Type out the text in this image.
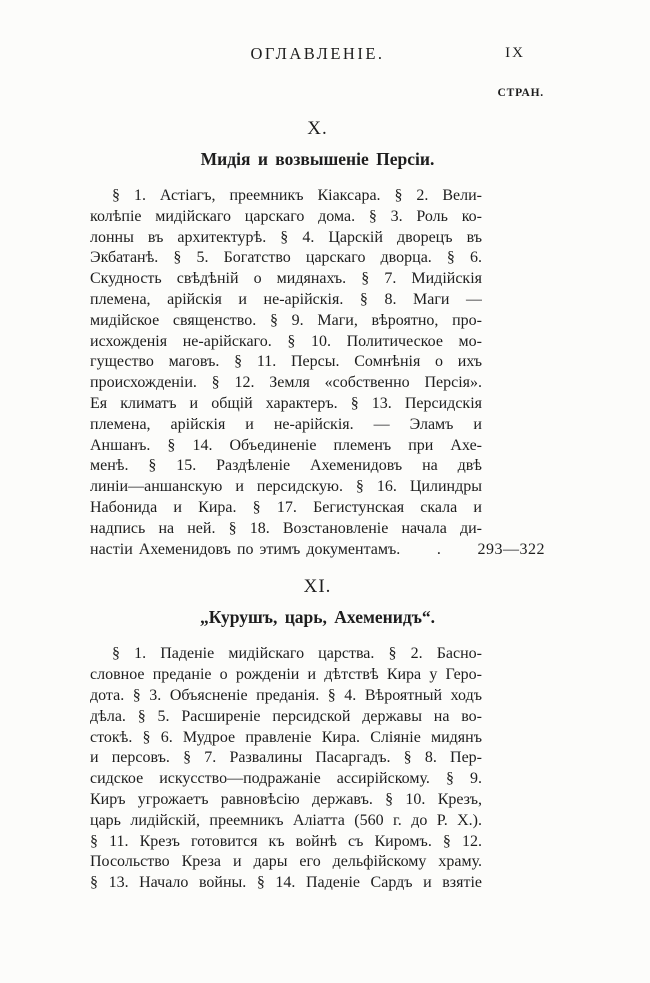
ОГЛАВЛЕНІЕ.	IX
СТРАН.
X.
Мидія и возвышеніе Персіи.
§ 1. Астіагъ, преемникъ Кіаксара. § 2. Вели-
колѣпіе мидійскаго царскаго дома. § 3. Роль ко-
лонны въ архитектурѣ. § 4. Царскій дворецъ въ
Экбатанѣ. § 5. Богатство царскаго дворца. § 6.
Скудность свѣдѣній о мидянахъ. § 7. Мидійскія
племена, арійскія и не-арійскія. § 8. Маги —
мидійское священство. § 9. Маги, вѣроятно, про-
исхожденія не-арійскаго. § 10. Политическое мо-
гущество маговъ. § 11. Персы. Сомнѣнія о ихъ
происхожденіи. § 12. Земля «собственно Персія».
Ея климатъ и общій характеръ. § 13. Персидскія
племена, арійскія и не-арійскія. — Эламъ и
Аншанъ. § 14. Объединеніе племенъ при Ахе-
менѣ. § 15. Раздѣленіе Ахеменидовъ на двѣ
линіи—аншанскую и персидскую. § 16. Цилиндры
Набонида и Кира. § 17. Бегистунская скала и
надпись на ней. § 18. Возстановленіе начала ди-
настіи Ахеменидовъ по этимъ документамъ. . 293—322
XI.
„Курушъ, царь, Ахеменидъ“.
§ 1. Паденіе мидійскаго царства. § 2. Басно-
словное преданіе о рожденіи и дѣтствѣ Кира у Геро-
дота. § 3. Объясненіе преданія. § 4. Вѣроятный ходъ
дѣла. § 5. Расширеніе персидской державы на во-
стокѣ. § 6. Мудрое правленіе Кира. Сліяніе мидянъ
и персовъ. § 7. Развалины Пасаргадъ. § 8. Пер-
сидское искусство—подражаніе ассирійскому. § 9.
Киръ угрожаетъ равновѣсію державъ. § 10. Крезъ,
царь лидійскій, преемникъ Аліатта (560 г. до Р. Х.).
§ 11. Крезъ готовится къ войнѣ съ Киромъ. § 12.
Посольство Креза и дары его дельфійскому храму.
§ 13. Начало войны. § 14. Паденіе Сардъ и взятіе
